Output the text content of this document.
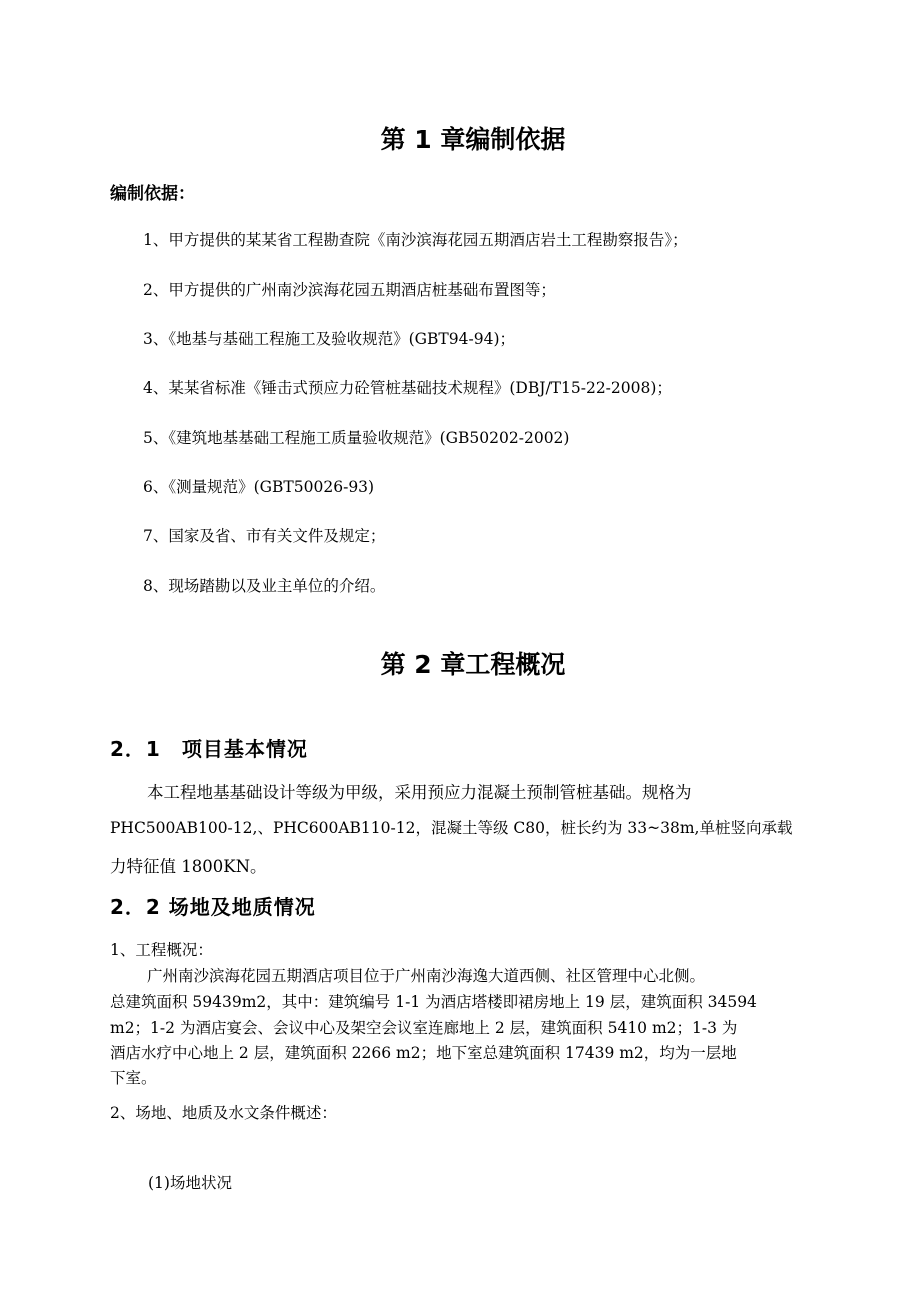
第 1 章编制依据
编制依据：
1、甲方提供的某某省工程勘查院《南沙滨海花园五期酒店岩土工程勘察报告》；
2、甲方提供的广州南沙滨海花园五期酒店桩基础布置图等；
3、《地基与基础工程施工及验收规范》(GBT94-94)；
4、某某省标准《锤击式预应力砼管桩基础技术规程》(DBJ/T15-22-2008)；
5、《建筑地基基础工程施工质量验收规范》(GB50202-2002)
6、《测量规范》(GBT50026-93)
7、国家及省、市有关文件及规定；
8、现场踏勘以及业主单位的介绍。
第 2 章工程概况
2．1　项目基本情况
本工程地基基础设计等级为甲级，采用预应力混凝土预制管桩基础。规格为
PHC500AB100-12,、PHC600AB110-12，混凝土等级 C80，桩长约为 33~38m,单桩竖向承载
力特征值 1800KN。
2．2 场地及地质情况
1、工程概况：
广州南沙滨海花园五期酒店项目位于广州南沙海逸大道西侧、社区管理中心北侧。
总建筑面积 59439m2，其中：建筑编号 1-1 为酒店塔楼即裙房地上 19 层，建筑面积 34594
m2；1-2 为酒店宴会、会议中心及架空会议室连廊地上 2 层，建筑面积 5410 m2；1-3 为
酒店水疗中心地上 2 层，建筑面积 2266 m2；地下室总建筑面积 17439 m2，均为一层地
下室。
2、场地、地质及水文条件概述：
(1)场地状况
